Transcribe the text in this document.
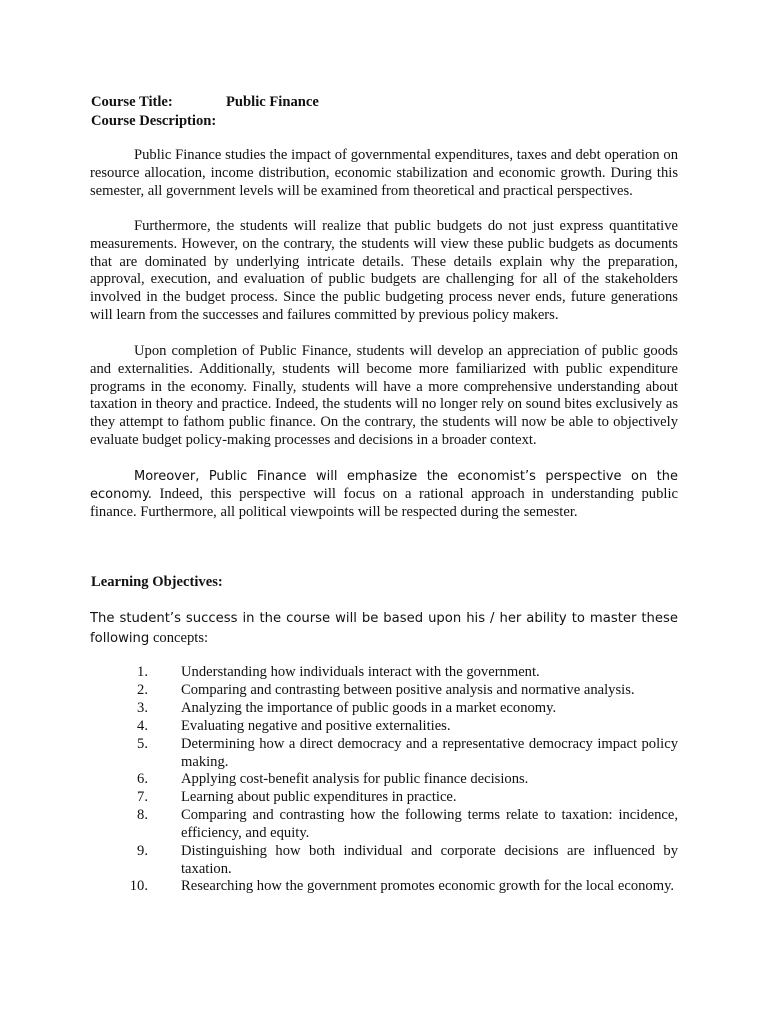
Course Title:	Public Finance
Course Description:

Public Finance studies the impact of governmental expenditures, taxes and debt operation on resource allocation, income distribution, economic stabilization and economic growth. During this semester, all government levels will be examined from theoretical and practical perspectives.

Furthermore, the students will realize that public budgets do not just express quantitative measurements. However, on the contrary, the students will view these public budgets as documents that are dominated by underlying intricate details. These details explain why the preparation, approval, execution, and evaluation of public budgets are challenging for all of the stakeholders involved in the budget process. Since the public budgeting process never ends, future generations will learn from the successes and failures committed by previous policy makers.

Upon completion of Public Finance, students will develop an appreciation of public goods and externalities. Additionally, students will become more familiarized with public expenditure programs in the economy. Finally, students will have a more comprehensive understanding about taxation in theory and practice. Indeed, the students will no longer rely on sound bites exclusively as they attempt to fathom public finance. On the contrary, the students will now be able to objectively evaluate budget policy-making processes and decisions in a broader context.

Moreover, Public Finance will emphasize the economist’s perspective on the economy. Indeed, this perspective will focus on a rational approach in understanding public finance. Furthermore, all political viewpoints will be respected during the semester.

Learning Objectives:

The student’s success in the course will be based upon his / her ability to master these following concepts:

1. Understanding how individuals interact with the government.
2. Comparing and contrasting between positive analysis and normative analysis.
3. Analyzing the importance of public goods in a market economy.
4. Evaluating negative and positive externalities.
5. Determining how a direct democracy and a representative democracy impact policy making.
6. Applying cost-benefit analysis for public finance decisions.
7. Learning about public expenditures in practice.
8. Comparing and contrasting how the following terms relate to taxation: incidence, efficiency, and equity.
9. Distinguishing how both individual and corporate decisions are influenced by taxation.
10. Researching how the government promotes economic growth for the local economy.
